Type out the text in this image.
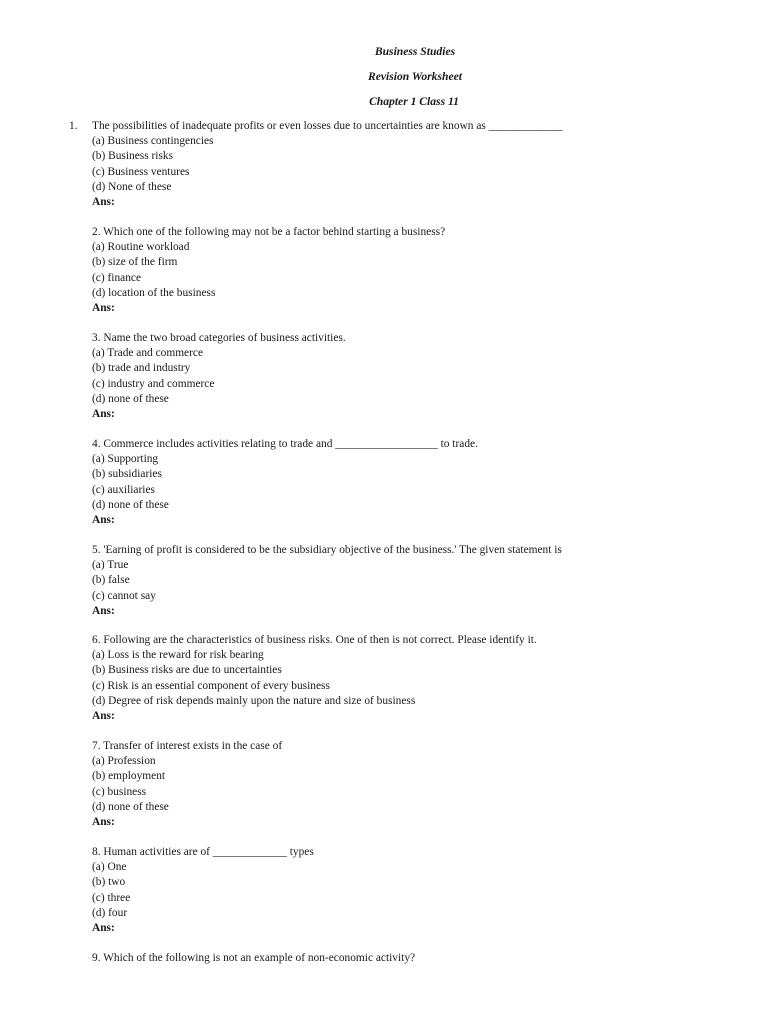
Business Studies
Revision Worksheet
Chapter 1 Class 11
1. The possibilities of inadequate profits or even losses due to uncertainties are known as _____________
(a) Business contingencies
(b) Business risks
(c) Business ventures
(d) None of these
Ans:
2. Which one of the following may not be a factor behind starting a business?
(a) Routine workload
(b) size of the firm
(c) finance
(d) location of the business
Ans:
3. Name the two broad categories of business activities.
(a) Trade and commerce
(b) trade and industry
(c) industry and commerce
(d) none of these
Ans:
4. Commerce includes activities relating to trade and __________________ to trade.
(a) Supporting
(b) subsidiaries
(c) auxiliaries
(d) none of these
Ans:
5. 'Earning of profit is considered to be the subsidiary objective of the business.' The given statement is
(a) True
(b) false
(c) cannot say
Ans:
6. Following are the characteristics of business risks. One of then is not correct. Please identify it.
(a) Loss is the reward for risk bearing
(b) Business risks are due to uncertainties
(c) Risk is an essential component of every business
(d) Degree of risk depends mainly upon the nature and size of business
Ans:
7. Transfer of interest exists in the case of
(a) Profession
(b) employment
(c) business
(d) none of these
Ans:
8. Human activities are of _____________ types
(a) One
(b) two
(c) three
(d) four
Ans:
9. Which of the following is not an example of non-economic activity?
